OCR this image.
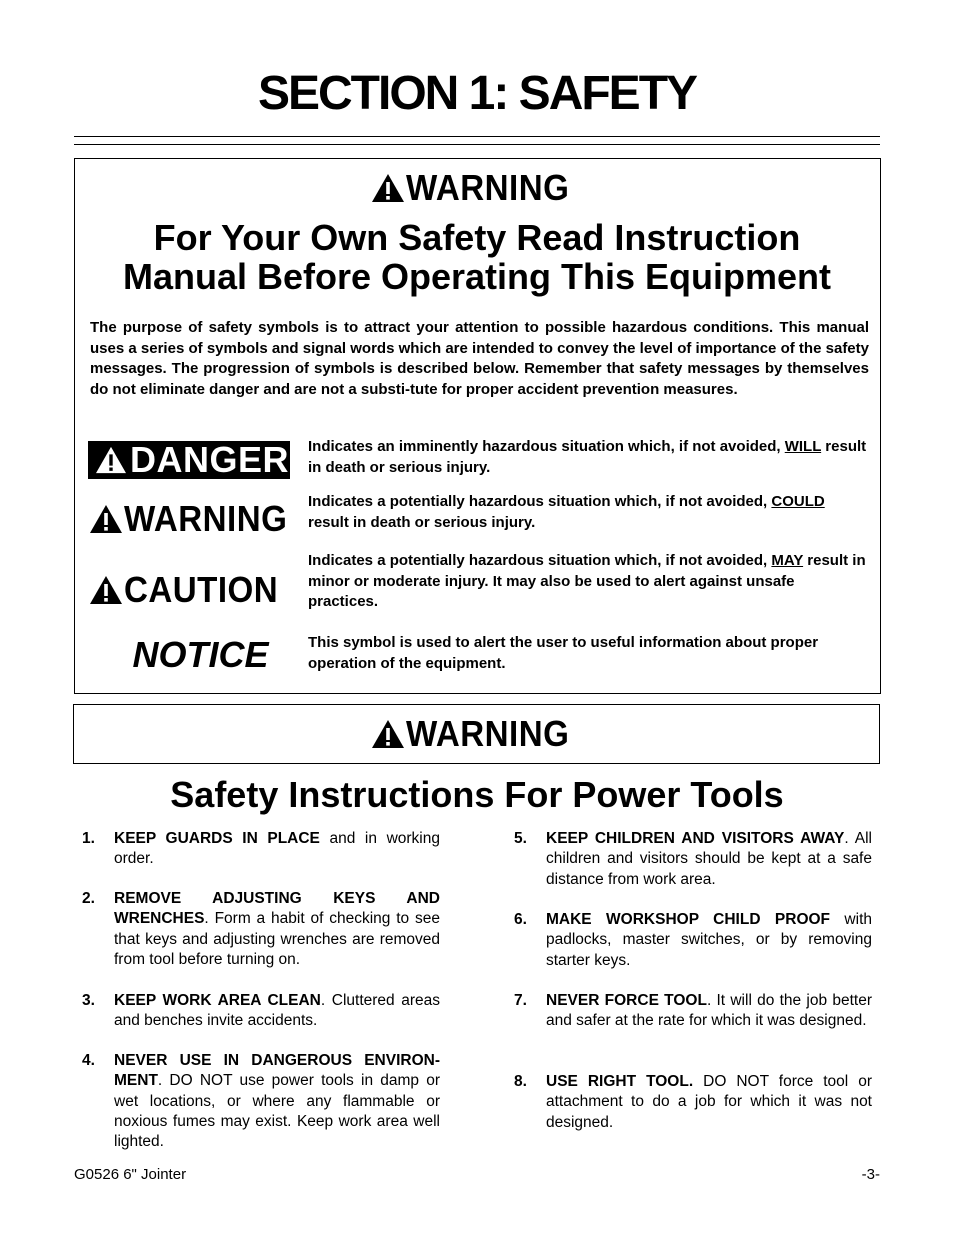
SECTION 1: SAFETY
WARNING
For Your Own Safety Read Instruction
Manual Before Operating This Equipment
The purpose of safety symbols is to attract your attention to possible hazardous conditions. This manual uses a series of symbols and signal words which are intended to convey the level of importance of the safety messages. The progression of symbols is described below. Remember that safety messages by themselves do not eliminate danger and are not a substi-tute for proper accident prevention measures.
DANGER Indicates an imminently hazardous situation which, if not avoided, WILL result in death or serious injury.
WARNING Indicates a potentially hazardous situation which, if not avoided, COULD result in death or serious injury.
CAUTION
Indicates a potentially hazardous situation which, if not avoided, MAY result in minor or moderate injury. It may also be used to alert against unsafe practices.
NOTICE	This symbol is used to alert the user to useful information about proper operation of the equipment.
WARNING
Safety Instructions For Power Tools
1. KEEP GUARDS IN PLACE and in working order.
2. REMOVE ADJUSTING KEYS AND WRENCHES. Form a habit of checking to see that keys and adjusting wrenches are removed from tool before turning on.
3. KEEP WORK AREA CLEAN. Cluttered areas and benches invite accidents.
4. NEVER USE IN DANGEROUS ENVIRON-MENT. DO NOT use power tools in damp or wet locations, or where any flammable or noxious fumes may exist. Keep work area well lighted.
5. KEEP CHILDREN AND VISITORS AWAY. All children and visitors should be kept at a safe distance from work area.
6. MAKE WORKSHOP CHILD PROOF with padlocks, master switches, or by removing starter keys.
7. NEVER FORCE TOOL. It will do the job better and safer at the rate for which it was designed.
8. USE RIGHT TOOL. DO NOT force tool or attachment to do a job for which it was not designed.
G0526 6" Jointer	-3-
